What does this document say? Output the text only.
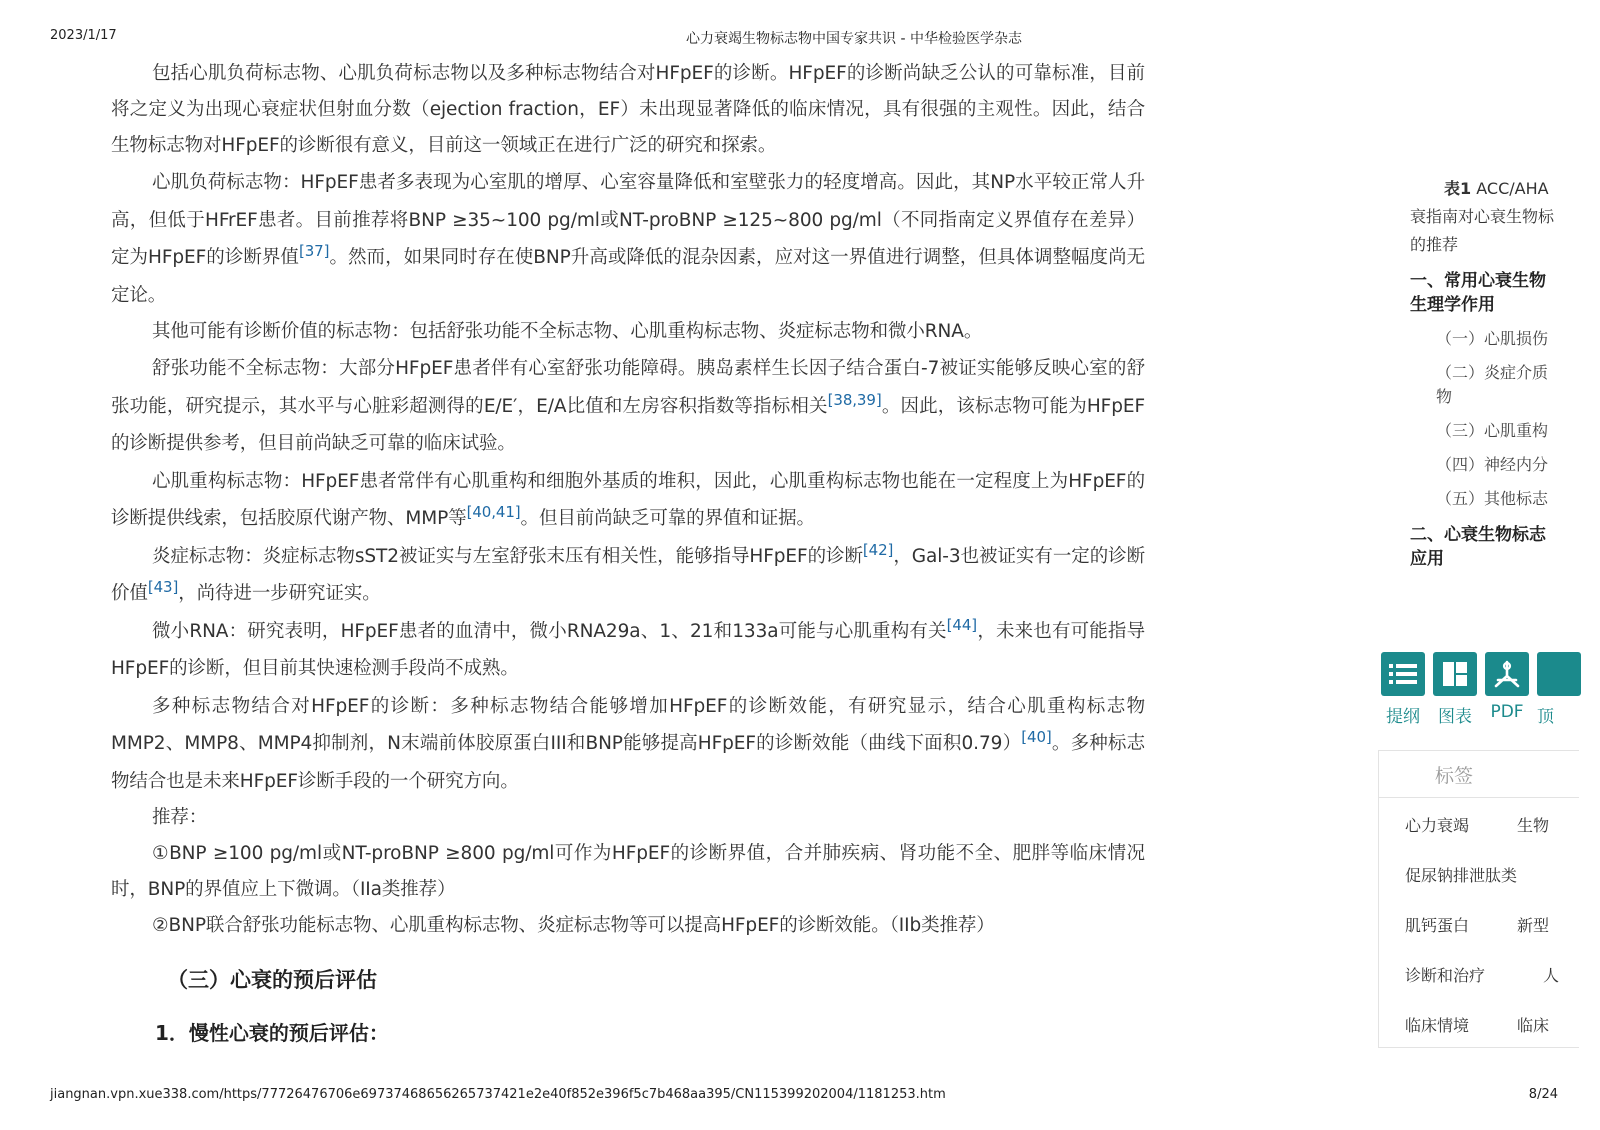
2023/1/17	心力衰竭生物标志物中国专家共识 - 中华检验医学杂志

包括心肌负荷标志物、心肌负荷标志物以及多种标志物结合对HFpEF的诊断。HFpEF的诊断尚缺乏公认的可靠标准，目前将之定义为出现心衰症状但射血分数（ejection fraction，EF）未出现显著降低的临床情况，具有很强的主观性。因此，结合生物标志物对HFpEF的诊断很有意义，目前这一领域正在进行广泛的研究和探索。

心肌负荷标志物：HFpEF患者多表现为心室肌的增厚、心室容量降低和室壁张力的轻度增高。因此，其NP水平较正常人升高，但低于HFrEF患者。目前推荐将BNP ≥35~100 pg/ml或NT-proBNP ≥125~800 pg/ml（不同指南定义界值存在差异）定为HFpEF的诊断界值[37]。然而，如果同时存在使BNP升高或降低的混杂因素，应对这一界值进行调整，但具体调整幅度尚无定论。

其他可能有诊断价值的标志物：包括舒张功能不全标志物、心肌重构标志物、炎症标志物和微小RNA。

舒张功能不全标志物：大部分HFpEF患者伴有心室舒张功能障碍。胰岛素样生长因子结合蛋白-7被证实能够反映心室的舒张功能，研究提示，其水平与心脏彩超测得的E/E′，E/A比值和左房容积指数等指标相关[38,39]。因此，该标志物可能为HFpEF的诊断提供参考，但目前尚缺乏可靠的临床试验。

心肌重构标志物：HFpEF患者常伴有心肌重构和细胞外基质的堆积，因此，心肌重构标志物也能在一定程度上为HFpEF的诊断提供线索，包括胶原代谢产物、MMP等[40,41]。但目前尚缺乏可靠的界值和证据。

炎症标志物：炎症标志物sST2被证实与左室舒张末压有相关性，能够指导HFpEF的诊断[42]，Gal-3也被证实有一定的诊断价值[43]，尚待进一步研究证实。

微小RNA：研究表明，HFpEF患者的血清中，微小RNA29a、1、21和133a可能与心肌重构有关[44]，未来也有可能指导HFpEF的诊断，但目前其快速检测手段尚不成熟。

多种标志物结合对HFpEF的诊断：多种标志物结合能够增加HFpEF的诊断效能，有研究显示，结合心肌重构标志物MMP2、MMP8、MMP4抑制剂，N末端前体胶原蛋白III和BNP能够提高HFpEF的诊断效能（曲线下面积0.79）[40]。多种标志物结合也是未来HFpEF诊断手段的一个研究方向。

推荐：

①BNP ≥100 pg/ml或NT-proBNP ≥800 pg/ml可作为HFpEF的诊断界值，合并肺疾病、肾功能不全、肥胖等临床情况时，BNP的界值应上下微调。（IIa类推荐）

②BNP联合舒张功能标志物、心肌重构标志物、炎症标志物等可以提高HFpEF的诊断效能。（IIb类推荐）

（三）心衰的预后评估
1．慢性心衰的预后评估：
表1 ACC/AHA
衰指南对心衰生物标
的推荐
一、常用心衰生物
生理学作用
（一）心肌损伤
（二）炎症介质
物
（三）心肌重构
（四）神经内分
（五）其他标志
二、心衰生物标志
应用
提纲 图表	PDF 顶
标签
心力衰竭	生物
促尿钠排泄肽类
肌钙蛋白	新型
诊断和治疗	人
临床情境	临床
jiangnan.vpn.xue338.com/https/77726476706e69737468656265737421e2e40f852e396f5c7b468aa395/CN115399202004/1181253.htm	8/24
